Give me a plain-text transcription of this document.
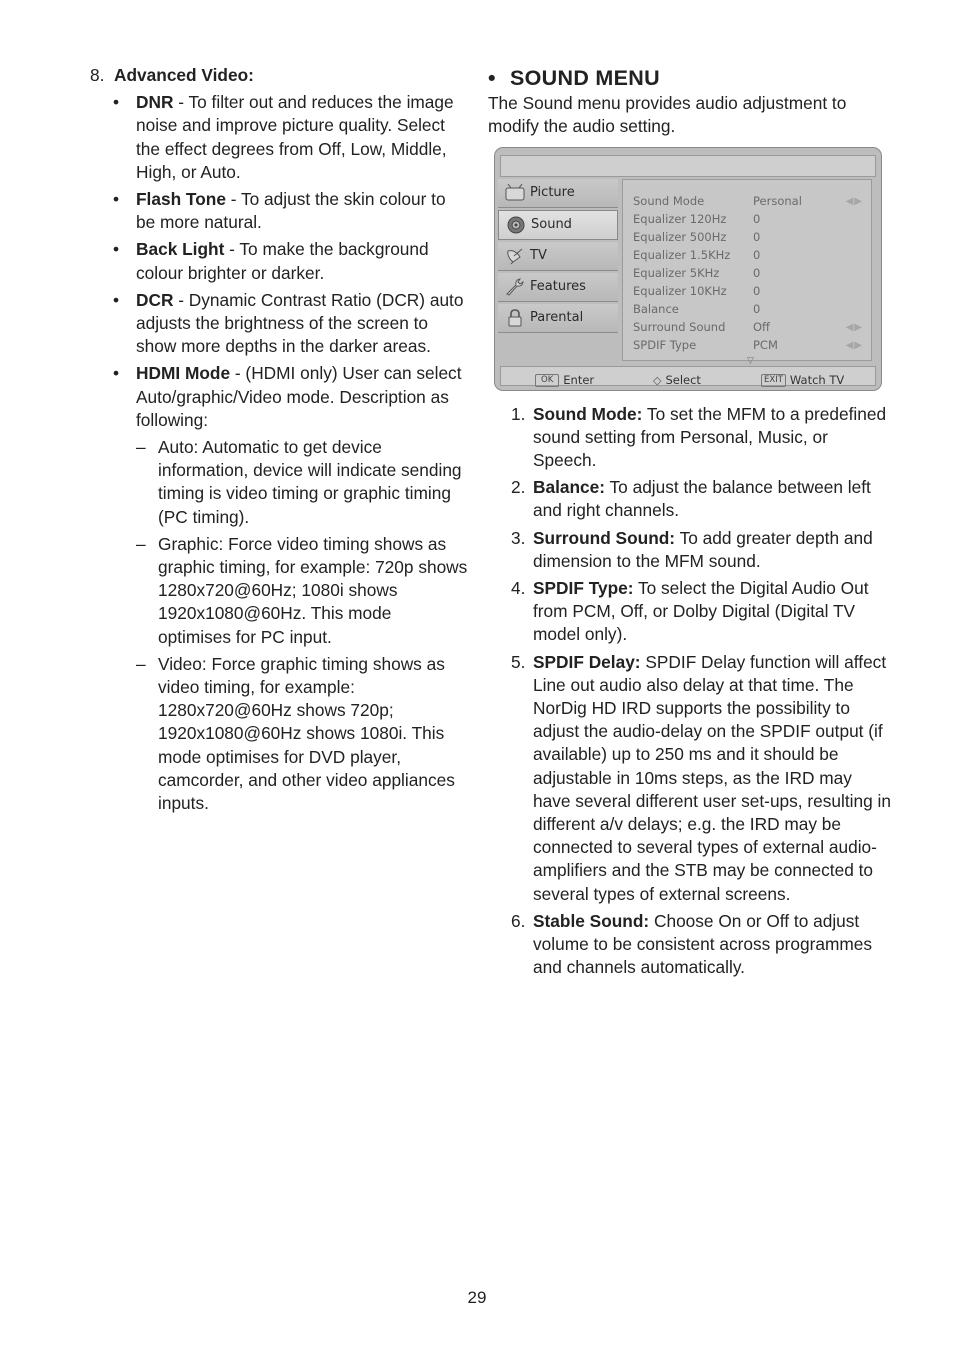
8. Advanced Video:
• DNR - To filter out and reduces the image noise and improve picture quality. Select the effect degrees from Off, Low, Middle, High, or Auto.
• Flash Tone - To adjust the skin colour to be more natural.
• Back Light - To make the background colour brighter or darker.
• DCR - Dynamic Contrast Ratio (DCR) auto adjusts the brightness of the screen to show more depths in the darker areas.
• HDMI Mode - (HDMI only) User can select Auto/graphic/Video mode. Description as following:
– Auto: Automatic to get device information, device will indicate sending timing is video timing or graphic timing (PC timing).
– Graphic: Force video timing shows as graphic timing, for example: 720p shows 1280x720@60Hz; 1080i shows 1920x1080@60Hz. This mode optimises for PC input.
– Video: Force graphic timing shows as video timing, for example: 1280x720@60Hz shows 720p; 1920x1080@60Hz shows 1080i. This mode optimises for DVD player, camcorder, and other video appliances inputs.
• SOUND MENU
The Sound menu provides audio adjustment to modify the audio setting.
Picture
Sound
TV
Features
Parental
Sound Mode	Personal	◀▶
Equalizer 120Hz 0
Equalizer 500Hz 0
Equalizer 1.5KHz 0
Equalizer 5KHz	0
Equalizer 10KHz 0
Balance	0
Surround Sound Off	◀▶
SPDIF Type	PCM	◀▶
▽
OK Enter	◇ Select	EXIT Watch TV
1. Sound Mode: To set the MFM to a predefined sound setting from Personal, Music, or Speech.
2. Balance: To adjust the balance between left and right channels.
3. Surround Sound: To add greater depth and dimension to the MFM sound.
4. SPDIF Type: To select the Digital Audio Out from PCM, Off, or Dolby Digital (Digital TV model only).
5. SPDIF Delay: SPDIF Delay function will affect Line out audio also delay at that time. The NorDig HD IRD supports the possibility to adjust the audio-delay on the SPDIF output (if available) up to 250 ms and it should be adjustable in 10ms steps, as the IRD may have several different user set-ups, resulting in different a/v delays; e.g. the IRD may be connected to several types of external audio-amplifiers and the STB may be connected to several types of external screens.
6. Stable Sound: Choose On or Off to adjust volume to be consistent across programmes and channels automatically.
29
